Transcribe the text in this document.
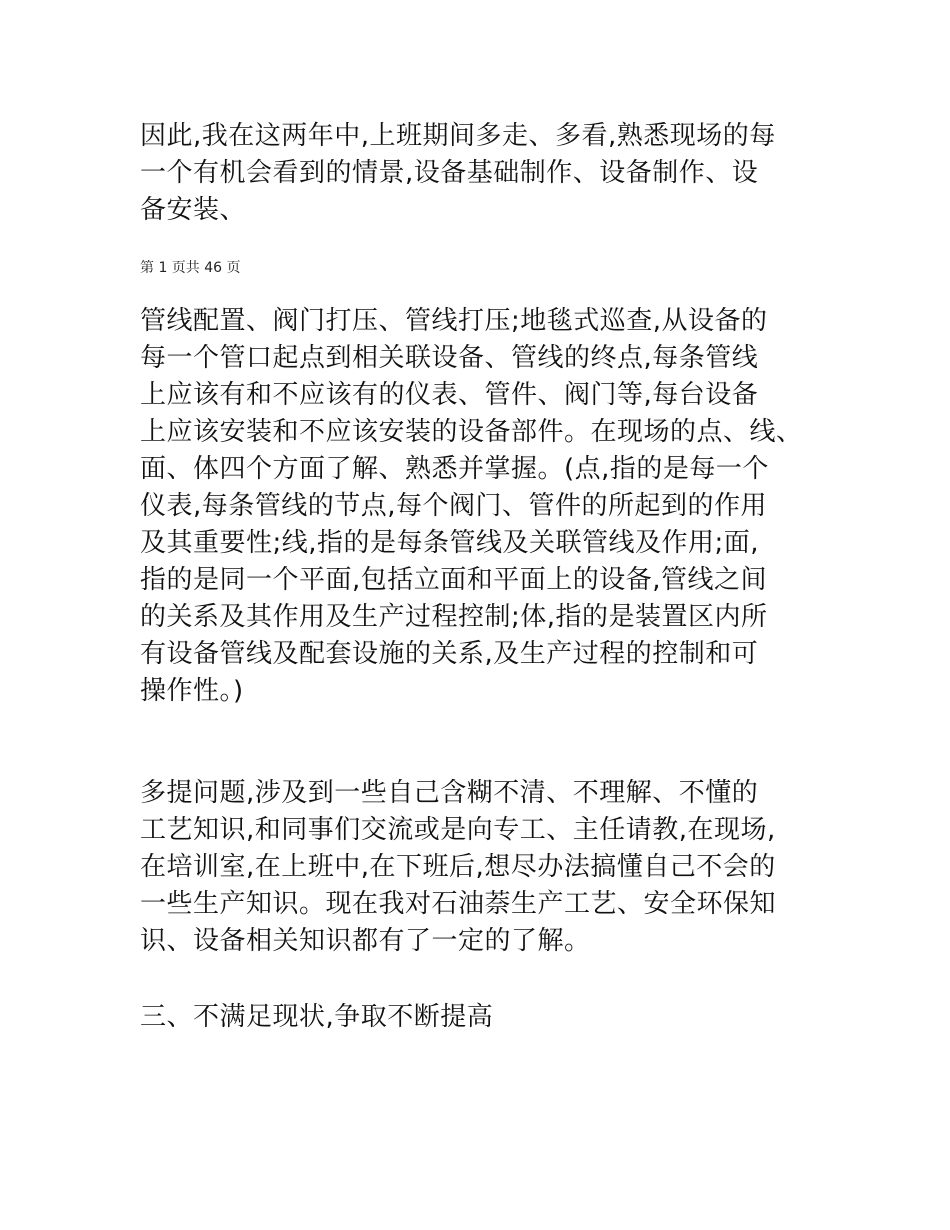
因此,我在这两年中,上班期间多走、多看,熟悉现场的每
一个有机会看到的情景,设备基础制作、设备制作、设
备安装、

第 1 页共 46 页

管线配置、阀门打压、管线打压;地毯式巡查,从设备的
每一个管口起点到相关联设备、管线的终点,每条管线
上应该有和不应该有的仪表、管件、阀门等,每台设备
上应该安装和不应该安装的设备部件。在现场的点、线、
面、体四个方面了解、熟悉并掌握。(点,指的是每一个
仪表,每条管线的节点,每个阀门、管件的所起到的作用
及其重要性;线,指的是每条管线及关联管线及作用;面,
指的是同一个平面,包括立面和平面上的设备,管线之间
的关系及其作用及生产过程控制;体,指的是装置区内所
有设备管线及配套设施的关系,及生产过程的控制和可
操作性。)

多提问题,涉及到一些自己含糊不清、不理解、不懂的
工艺知识,和同事们交流或是向专工、主任请教,在现场,
在培训室,在上班中,在下班后,想尽办法搞懂自己不会的
一些生产知识。现在我对石油萘生产工艺、安全环保知
识、设备相关知识都有了一定的了解。

三、不满足现状,争取不断提高
